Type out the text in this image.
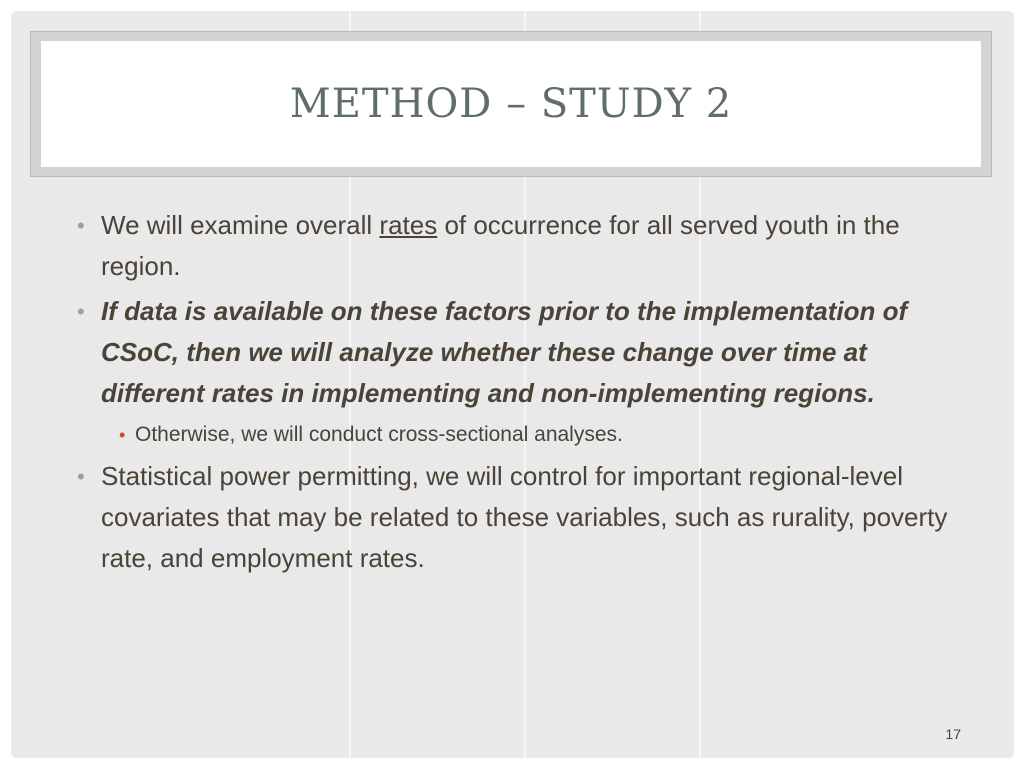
METHOD – STUDY 2
• We will examine overall rates of occurrence for all served youth in the region.
• If data is available on these factors prior to the implementation of CSoC, then we will analyze whether these change over time at different rates in implementing and non-implementing regions.
• Otherwise, we will conduct cross-sectional analyses.
• Statistical power permitting, we will control for important regional-level covariates that may be related to these variables, such as rurality, poverty rate, and employment rates.
17
